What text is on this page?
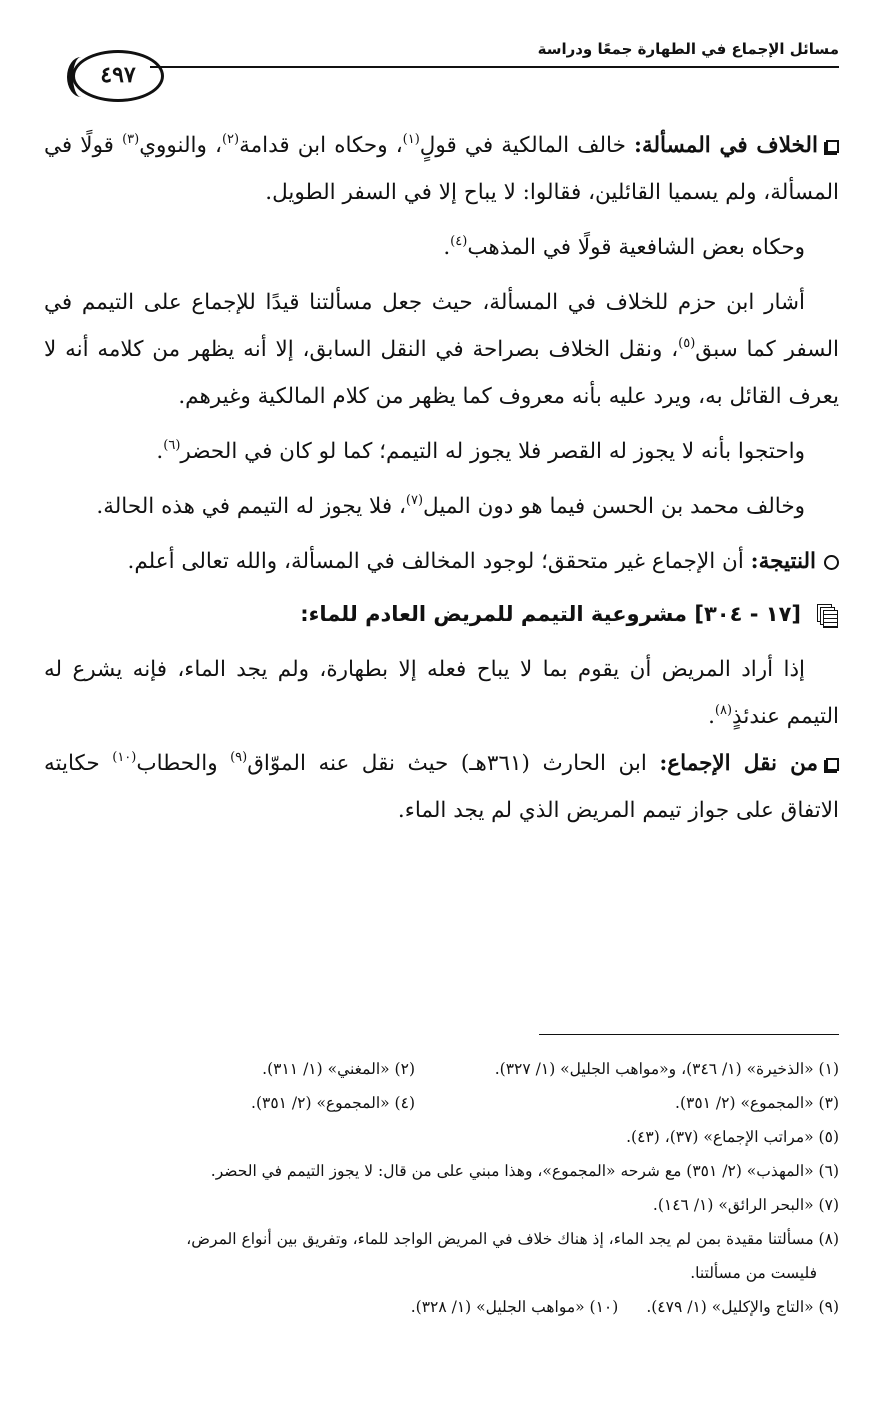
مسائل الإجماع في الطهارة جمعًا ودراسة
٤٩٧

الخلاف في المسألة: خالف المالكية في قولٍ$^{(١)}$، وحكاه ابن قدامة$^{(٢)}$، والنووي$^{(٣)}$ قولًا في المسألة، ولم يسميا القائلين، فقالوا: لا يباح إلا في السفر الطويل.

وحكاه بعض الشافعية قولًا في المذهب$^{(٤)}$.

أشار ابن حزم للخلاف في المسألة، حيث جعل مسألتنا قيدًا للإجماع على التيمم في السفر كما سبق$^{(٥)}$، ونقل الخلاف بصراحة في النقل السابق، إلا أنه يظهر من كلامه أنه لا يعرف القائل به، ويرد عليه بأنه معروف كما يظهر من كلام المالكية وغيرهم.

واحتجوا بأنه لا يجوز له القصر فلا يجوز له التيمم؛ كما لو كان في الحضر$^{(٦)}$.

وخالف محمد بن الحسن فيما هو دون الميل$^{(٧)}$، فلا يجوز له التيمم في هذه الحالة.

النتيجة: أن الإجماع غير متحقق؛ لوجود المخالف في المسألة، والله تعالى أعلم.

[١٧ - ٣٠٤] مشروعية التيمم للمريض العادم للماء:

إذا أراد المريض أن يقوم بما لا يباح فعله إلا بطهارة، ولم يجد الماء، فإنه يشرع له التيمم عندئذٍ$^{(٨)}$.

من نقل الإجماع: ابن الحارث (٣٦١هـ) حيث نقل عنه الموّاق$^{(٩)}$ والحطاب$^{(١٠)}$ حكايته الاتفاق على جواز تيمم المريض الذي لم يجد الماء.

(١) «الذخيرة» (١/ ٣٤٦)، و«مواهب الجليل» (١/ ٣٢٧).
(٢) «المغني» (١/ ٣١١).
(٣) «المجموع» (٢/ ٣٥١).
(٤) «المجموع» (٢/ ٣٥١).
(٥) «مراتب الإجماع» (٣٧)، (٤٣).
(٦) «المهذب» (٢/ ٣٥١) مع شرحه «المجموع»، وهذا مبني على من قال: لا يجوز التيمم في الحضر.
(٧) «البحر الرائق» (١/ ١٤٦).
(٨) مسألتنا مقيدة بمن لم يجد الماء، إذ هناك خلاف في المريض الواجد للماء، وتفريق بين أنواع المرض،
فليست من مسألتنا.
(٩) «التاج والإكليل» (١/ ٤٧٩).
(١٠) «مواهب الجليل» (١/ ٣٢٨).
